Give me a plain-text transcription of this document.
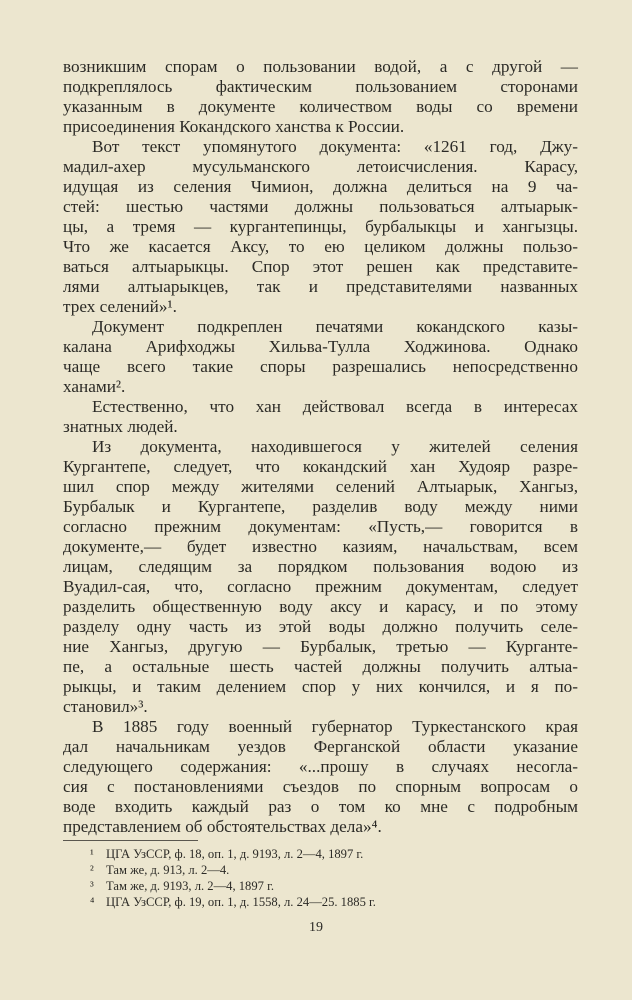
возникшим спорам о пользовании водой, а с другой —
подкреплялось фактическим пользованием сторонами
указанным в документе количеством воды со времени
присоединения Кокандского ханства к России.
Вот текст упомянутого документа: «1261 год, Джу-
мадил-ахер мусульманского летоисчисления. Карасу,
идущая из селения Чимион, должна делиться на 9 ча-
стей: шестью частями должны пользоваться алтыарык-
цы, а тремя — кургантепинцы, бурбалыкцы и хангызцы.
Что же касается Аксу, то ею целиком должны пользо-
ваться алтыарыкцы. Спор этот решен как представите-
лями алтыарыкцев, так и представителями названных
трех селений»¹.
Документ подкреплен печатями кокандского казы-
калана Арифходжы Хильва-Тулла Ходжинова. Однако
чаще всего такие споры разрешались непосредственно
ханами².
Естественно, что хан действовал всегда в интересах
знатных людей.
Из документа, находившегося у жителей селения
Кургантепе, следует, что кокандский хан Худояр разре-
шил спор между жителями селений Алтыарык, Хангыз,
Бурбалык и Кургантепе, разделив воду между ними
согласно прежним документам: «Пусть,— говорится в
документе,— будет известно казиям, начальствам, всем
лицам, следящим за порядком пользования водою из
Вуадил-сая, что, согласно прежним документам, следует
разделить общественную воду аксу и карасу, и по этому
разделу одну часть из этой воды должно получить селе-
ние Хангыз, другую — Бурбалык, третью — Курганте-
пе, а остальные шесть частей должны получить алтыа-
рыкцы, и таким делением спор у них кончился, и я по-
становил»³.
В 1885 году военный губернатор Туркестанского края
дал начальникам уездов Ферганской области указание
следующего содержания: «...прошу в случаях несогла-
сия с постановлениями съездов по спорным вопросам о
воде входить каждый раз о том ко мне с подробным
представлением об обстоятельствах дела»⁴.
¹ ЦГА УзССР, ф. 18, оп. 1, д. 9193, л. 2—4, 1897 г.
² Там же, д. 913, л. 2—4.
³ Там же, д. 9193, л. 2—4, 1897 г.
⁴ ЦГА УзССР, ф. 19, оп. 1, д. 1558, л. 24—25. 1885 г.
19
